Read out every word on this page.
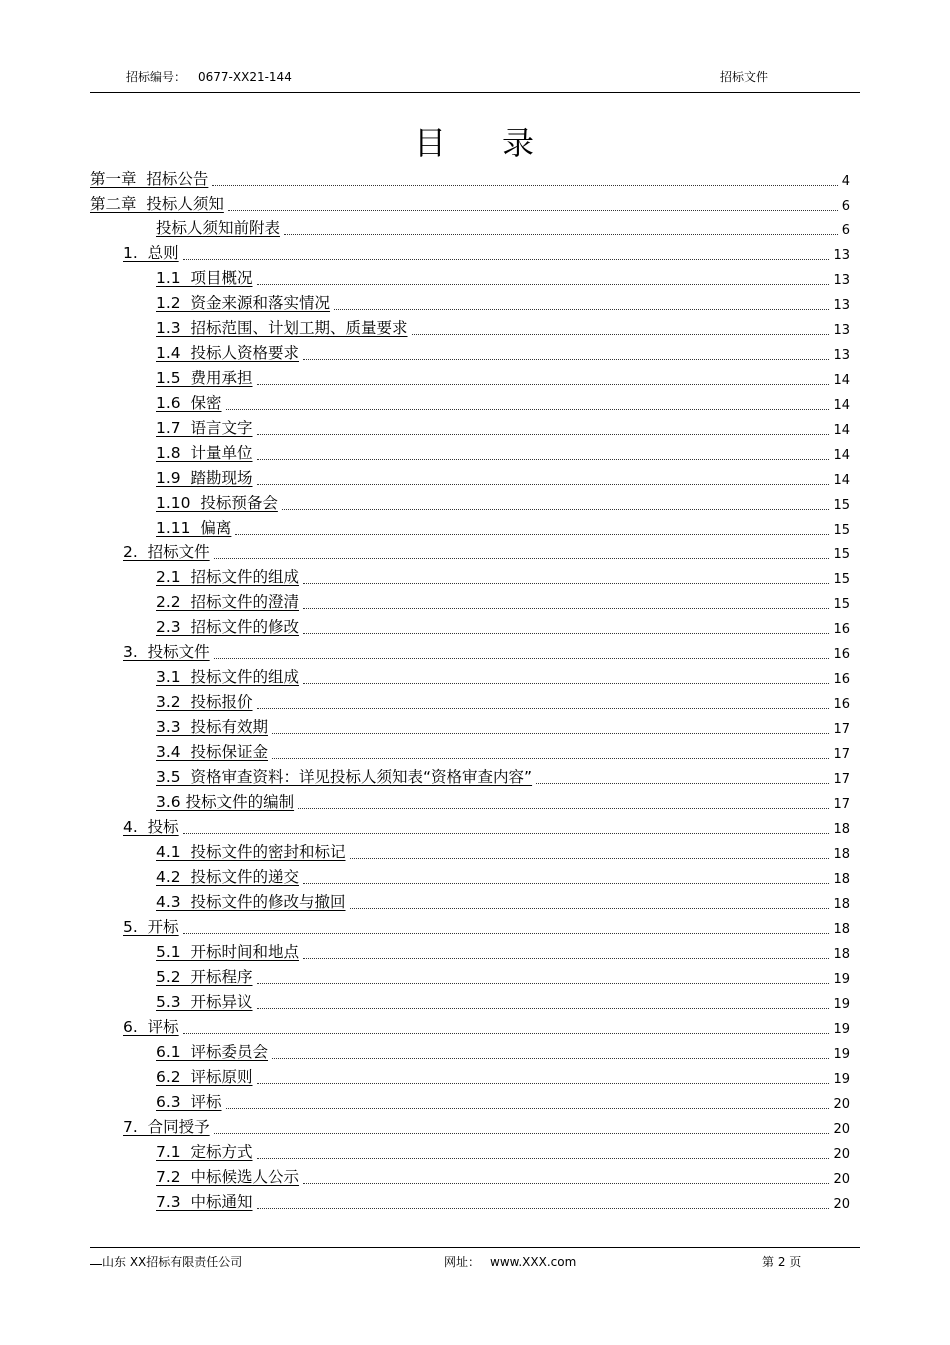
招标编号： 0677-XX21-144	招标文件
目 录
第一章  招标公告	4
第二章  投标人须知	6
投标人须知前附表	6
1.  总则	13
1.1  项目概况	13
1.2  资金来源和落实情况	13
1.3  招标范围、计划工期、质量要求	13
1.4  投标人资格要求	13
1.5  费用承担	14
1.6  保密	14
1.7  语言文字	14
1.8  计量单位	14
1.9  踏勘现场	14
1.10  投标预备会	15
1.11  偏离	15
2.  招标文件	15
2.1  招标文件的组成	15
2.2  招标文件的澄清	15
2.3  招标文件的修改	16
3.  投标文件	16
3.1  投标文件的组成	16
3.2  投标报价	16
3.3  投标有效期	17
3.4  投标保证金	17
3.5  资格审查资料：详见投标人须知表“资格审查内容”	17
3.6 投标文件的编制	17
4.  投标	18
4.1  投标文件的密封和标记	18
4.2  投标文件的递交	18
4.3  投标文件的修改与撤回	18
5.  开标	18
5.1  开标时间和地点	18
5.2  开标程序	19
5.3  开标异议	19
6.  评标	19
6.1  评标委员会	19
6.2  评标原则	19
6.3  评标	20
7.  合同授予	20
7.1  定标方式	20
7.2  中标候选人公示	20
7.3  中标通知	20
山东 XX招标有限责任公司	网址： www.XXX.com	第 2 页
